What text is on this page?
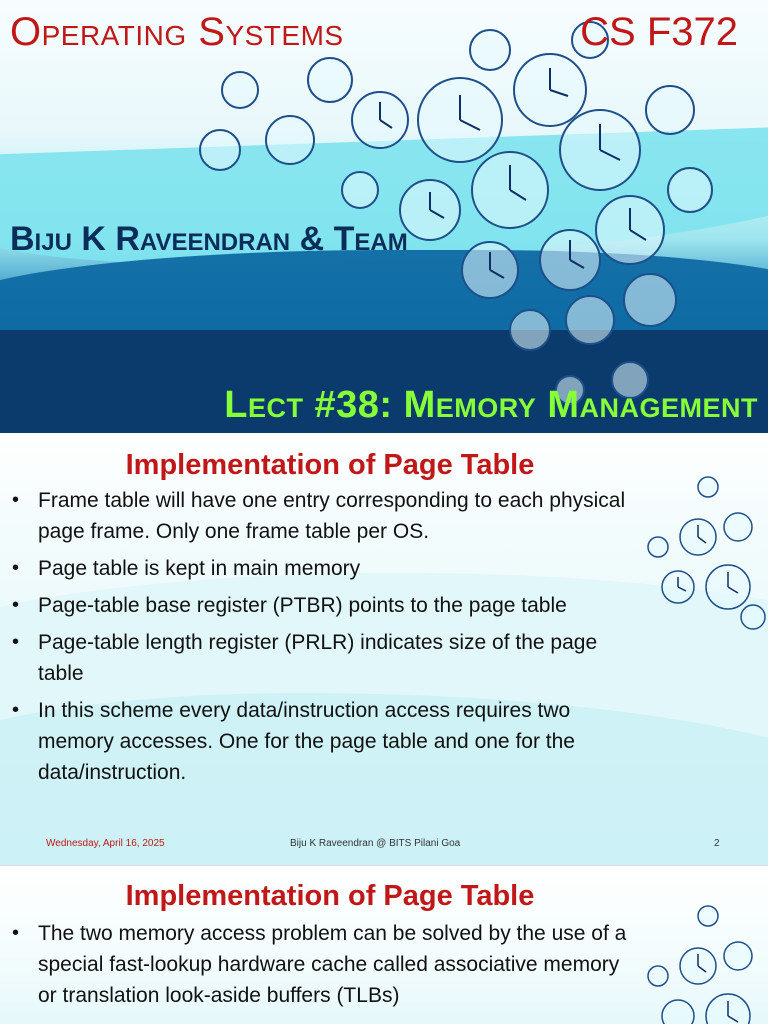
Operating Systems	CS F372
Biju K Raveendran & Team
Lect #38: Memory Management
Implementation of Page Table
• Frame table will have one entry corresponding to each physical page frame. Only one frame table per OS.
• Page table is kept in main memory
• Page-table base register (PTBR) points to the page table
• Page-table length register (PRLR) indicates size of the page table
• In this scheme every data/instruction access requires two memory accesses. One for the page table and one for the data/instruction.
Wednesday, April 16, 2025	Biju K Raveendran @ BITS Pilani Goa	2
Implementation of Page Table
• The two memory access problem can be solved by the use of a special fast-lookup hardware cache called associative memory or translation look-aside buffers (TLBs)
